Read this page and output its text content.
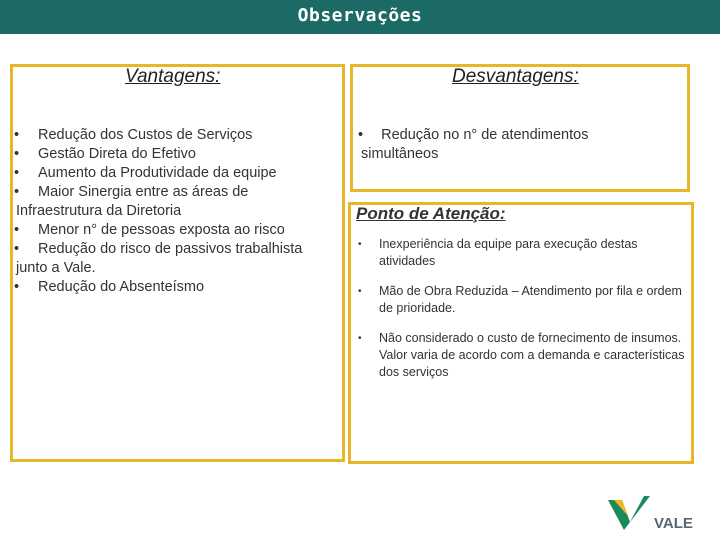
Observações
Vantagens:	Desvantagens:
Ponto de Atenção:
• Redução dos Custos de Serviços
• Gestão Direta do Efetivo
• Aumento da Produtividade da equipe
• Maior Sinergia entre as áreas de
Infraestrutura da Diretoria
• Menor n° de pessoas exposta ao risco
• Redução do risco de passivos trabalhista
junto a Vale.
• Redução do Absenteísmo
• Redução no n° de atendimentos
simultâneos
• Inexperiência da equipe para execução destas atividades
• Mão de Obra Reduzida – Atendimento por fila e ordem de prioridade.
• Não considerado o custo de fornecimento de insumos. Valor varia de acordo com a demanda e características dos serviços
VALE
